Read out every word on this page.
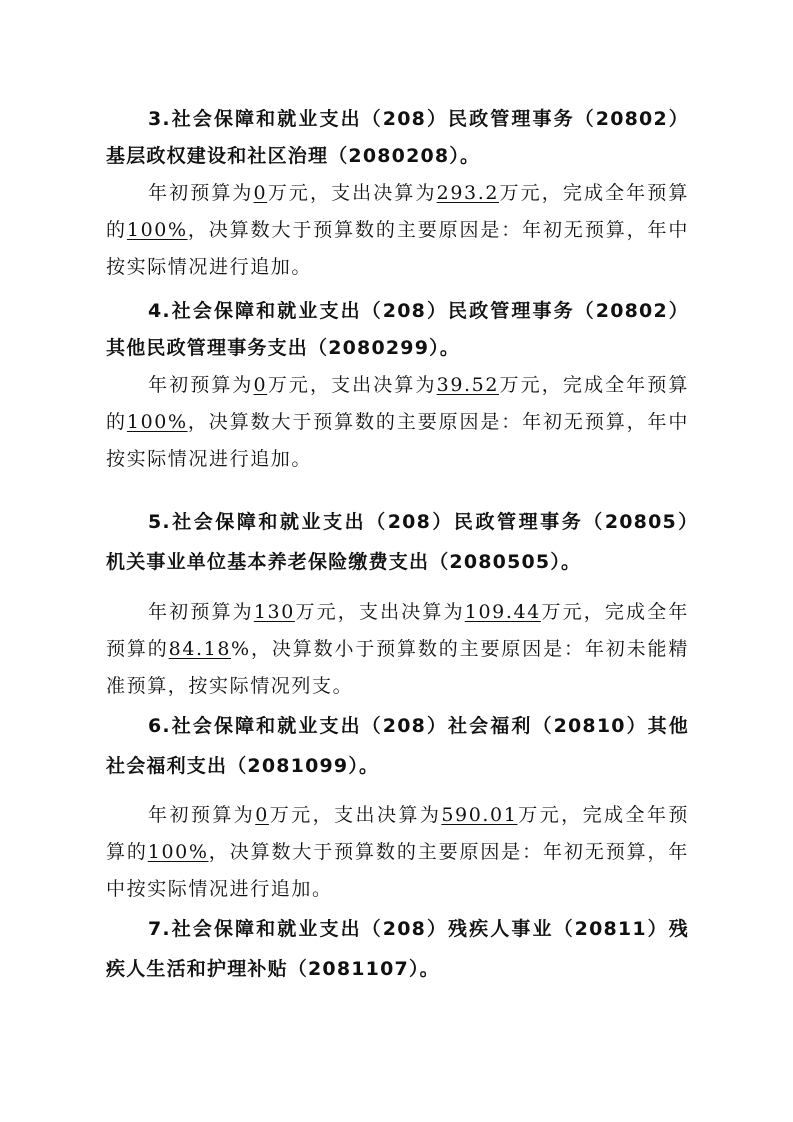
3.社会保障和就业支出（208）民政管理事务（20802）基层政权建设和社区治理（2080208）。

年初预算为0万元，支出决算为293.2万元，完成全年预算的100%，决算数大于预算数的主要原因是：年初无预算，年中按实际情况进行追加。

4.社会保障和就业支出（208）民政管理事务（20802）其他民政管理事务支出（2080299）。

年初预算为0万元，支出决算为39.52万元，完成全年预算的100%，决算数大于预算数的主要原因是：年初无预算，年中按实际情况进行追加。

5.社会保障和就业支出（208）民政管理事务（20805）　机关事业单位基本养老保险缴费支出（2080505）。

年初预算为130万元，支出决算为109.44万元，完成全年预算的84.18%，决算数小于预算数的主要原因是：年初未能精准预算，按实际情况列支。

6.社会保障和就业支出（208）社会福利（20810）其他社会福利支出（2081099）。

年初预算为0万元，支出决算为590.01万元，完成全年预算的100%，决算数大于预算数的主要原因是：年初无预算，年中按实际情况进行追加。

7.社会保障和就业支出（208）残疾人事业（20811）残疾人生活和护理补贴（2081107）。
